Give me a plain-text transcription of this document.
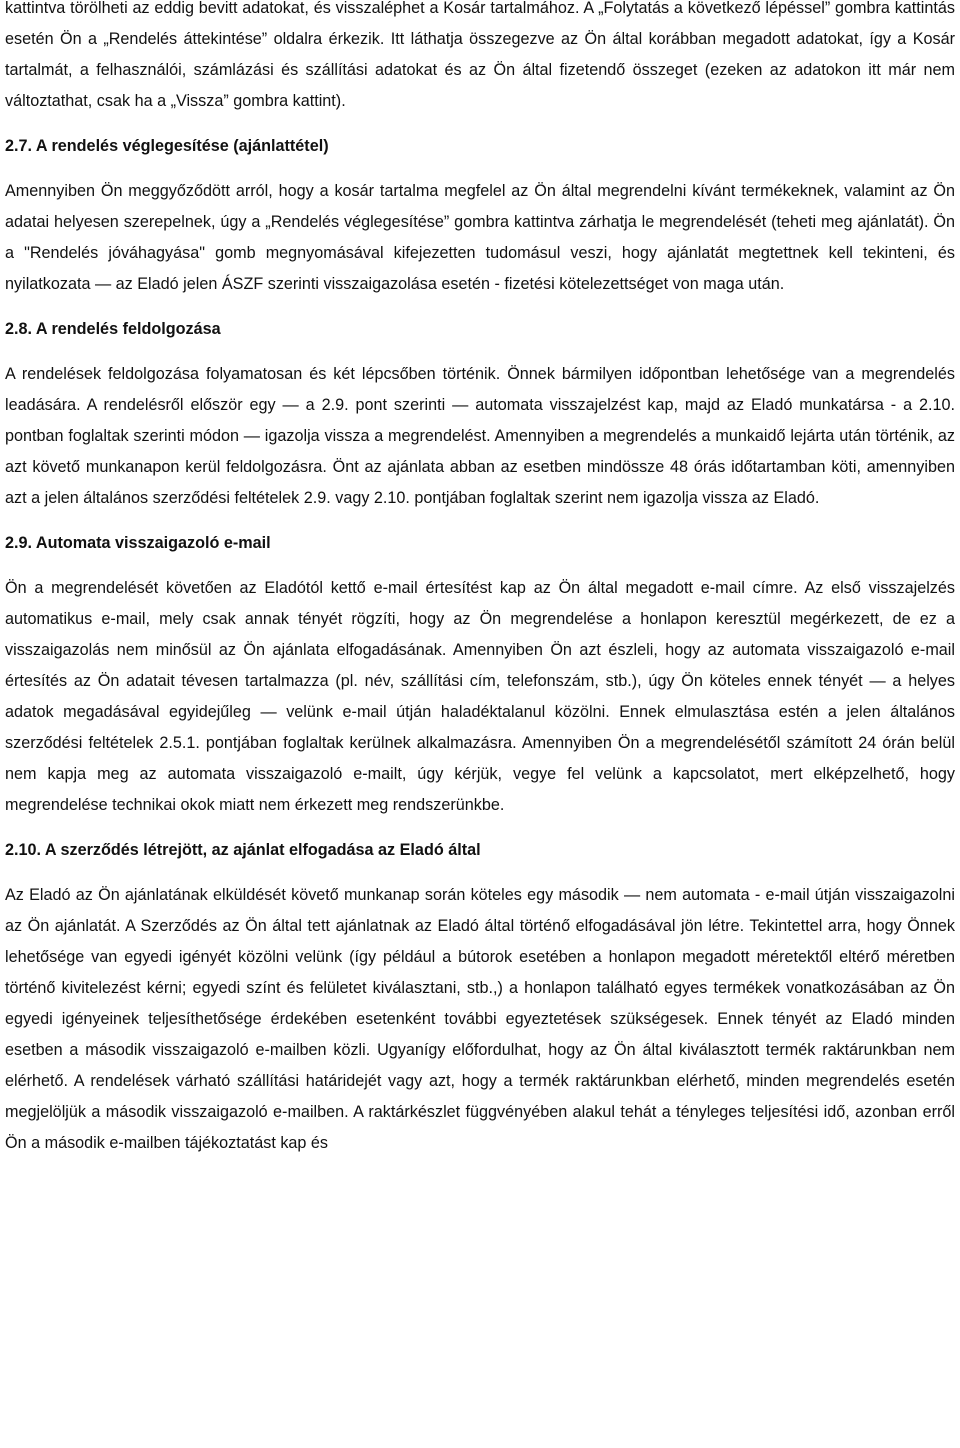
kattintva törölheti az eddig bevitt adatokat, és visszaléphet a Kosár tartalmához. A „Folytatás a következő lépéssel” gombra kattintás esetén Ön a „Rendelés áttekintése” oldalra érkezik. Itt láthatja összegezve az Ön által korábban megadott adatokat, így a Kosár tartalmát, a felhasználói, számlázási és szállítási adatokat és az Ön által fizetendő összeget (ezeken az adatokon itt már nem változtathat, csak ha a „Vissza” gombra kattint).

2.7. A rendelés véglegesítése (ajánlattétel)

Amennyiben Ön meggyőződött arról, hogy a kosár tartalma megfelel az Ön által megrendelni kívánt termékeknek, valamint az Ön adatai helyesen szerepelnek, úgy a „Rendelés véglegesítése” gombra kattintva zárhatja le megrendelését (teheti meg ajánlatát). Ön a "Rendelés jóváhagyása" gomb megnyomásával kifejezetten tudomásul veszi, hogy ajánlatát megtettnek kell tekinteni, és nyilatkozata — az Eladó jelen ÁSZF szerinti visszaigazolása esetén - fizetési kötelezettséget von maga után.

2.8. A rendelés feldolgozása

A rendelések feldolgozása folyamatosan és két lépcsőben történik. Önnek bármilyen időpontban lehetősége van a megrendelés leadására. A rendelésről először egy — a 2.9. pont szerinti — automata visszajelzést kap, majd az Eladó munkatársa - a 2.10. pontban foglaltak szerinti módon — igazolja vissza a megrendelést. Amennyiben a megrendelés a munkaidő lejárta után történik, az azt követő munkanapon kerül feldolgozásra. Önt az ajánlata abban az esetben mindössze 48 órás időtartamban köti, amennyiben azt a jelen általános szerződési feltételek 2.9. vagy 2.10. pontjában foglaltak szerint nem igazolja vissza az Eladó.

2.9. Automata visszaigazoló e-mail

Ön a megrendelését követően az Eladótól kettő e-mail értesítést kap az Ön által megadott e-mail címre. Az első visszajelzés automatikus e-mail, mely csak annak tényét rögzíti, hogy az Ön megrendelése a honlapon keresztül megérkezett, de ez a visszaigazolás nem minősül az Ön ajánlata elfogadásának. Amennyiben Ön azt észleli, hogy az automata visszaigazoló e-mail értesítés az Ön adatait tévesen tartalmazza (pl. név, szállítási cím, telefonszám, stb.), úgy Ön köteles ennek tényét — a helyes adatok megadásával egyidejűleg — velünk e-mail útján haladéktalanul közölni. Ennek elmulasztása estén a jelen általános szerződési feltételek 2.5.1. pontjában foglaltak kerülnek alkalmazásra. Amennyiben Ön a megrendelésétől számított 24 órán belül nem kapja meg az automata visszaigazoló e-mailt, úgy kérjük, vegye fel velünk a kapcsolatot, mert elképzelhető, hogy megrendelése technikai okok miatt nem érkezett meg rendszerünkbe.

2.10. A szerződés létrejött, az ajánlat elfogadása az Eladó által

Az Eladó az Ön ajánlatának elküldését követő munkanap során köteles egy második — nem automata - e-mail útján visszaigazolni az Ön ajánlatát. A Szerződés az Ön által tett ajánlatnak az Eladó által történő elfogadásával jön létre. Tekintettel arra, hogy Önnek lehetősége van egyedi igényét közölni velünk (így például a bútorok esetében a honlapon megadott méretektől eltérő méretben történő kivitelezést kérni; egyedi színt és felületet kiválasztani, stb.,) a honlapon található egyes termékek vonatkozásában az Ön egyedi igényeinek teljesíthetősége érdekében esetenként további egyeztetések szükségesek. Ennek tényét az Eladó minden esetben a második visszaigazoló e-mailben közli. Ugyanígy előfordulhat, hogy az Ön által kiválasztott termék raktárunkban nem elérhető. A rendelések várható szállítási határidejét vagy azt, hogy a termék raktárunkban elérhető, minden megrendelés esetén megjelöljük a második visszaigazoló e-mailben. A raktárkészlet függvényében alakul tehát a tényleges teljesítési idő, azonban erről Ön a második e-mailben tájékoztatást kap és
